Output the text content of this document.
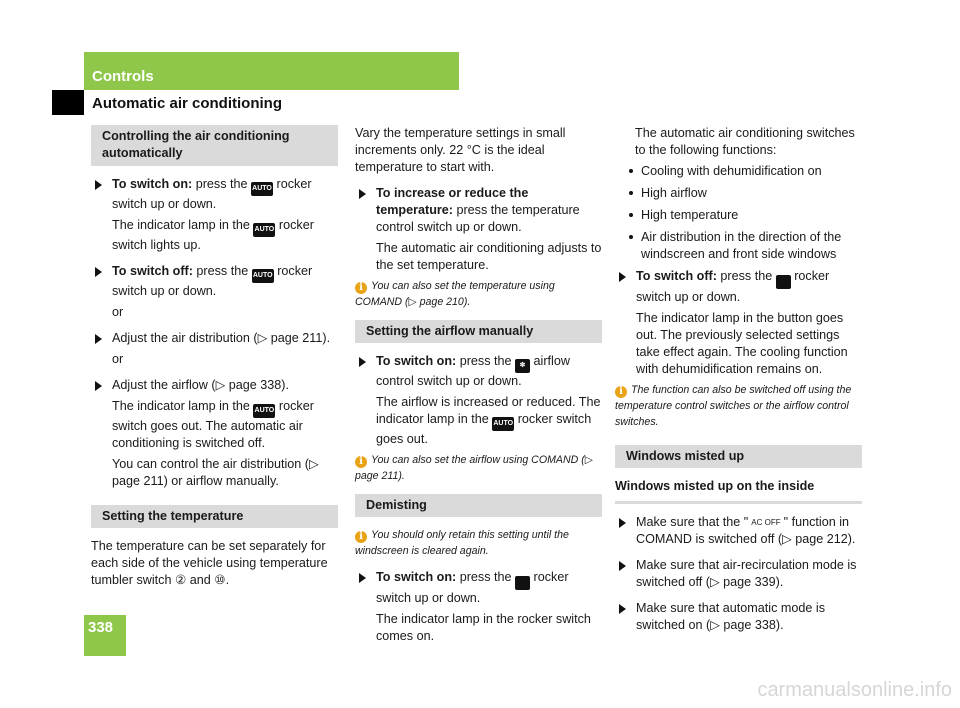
Controls

Automatic air conditioning

Controlling the air conditioning automatically
To switch on: press the AUTO rocker switch up or down.

The indicator lamp in the AUTO rocker switch lights up.

To switch off: press the AUTO rocker switch up or down.

or

Adjust the air distribution (▷ page 211).

or

Adjust the airflow (▷ page 338).

The indicator lamp in the AUTO rocker switch goes out. The automatic air conditioning is switched off.

You can control the air distribution (▷ page 211) or airflow manually.

Setting the temperature

The temperature can be set separately for each side of the vehicle using temperature tumbler switch ② and ⑩.

Vary the temperature settings in small increments only. 22 °C is the ideal temperature to start with.

To increase or reduce the temperature: press the temperature control switch up or down.

The automatic air conditioning adjusts to the set temperature.

i You can also set the temperature using COMAND (▷ page 210).

Setting the airflow manually
To switch on: press the ✽ airflow control switch up or down.

The airflow is increased or reduced. The indicator lamp in the AUTO rocker switch goes out.

i You can also set the airflow using COMAND (▷ page 211).

Demisting

i You should only retain this setting until the windscreen is cleared again.

To switch on: press the  rocker switch up or down.

The indicator lamp in the rocker switch comes on.

The automatic air conditioning switches to the following functions:

Cooling with dehumidification on
High airflow
High temperature
Air distribution in the direction of the windscreen and front side windows
To switch off: press the  rocker switch up or down.

The indicator lamp in the button goes out. The previously selected settings take effect again. The cooling function with dehumidification remains on.

i The function can also be switched off using the temperature control switches or the airflow control switches.

Windows misted up

Windows misted up on the inside

Make sure that the " AC OFF " function in COMAND is switched off (▷ page 212).
Make sure that air-recirculation mode is switched off (▷ page 339).
Make sure that automatic mode is switched on (▷ page 338).

338

carmanualsonline.info
